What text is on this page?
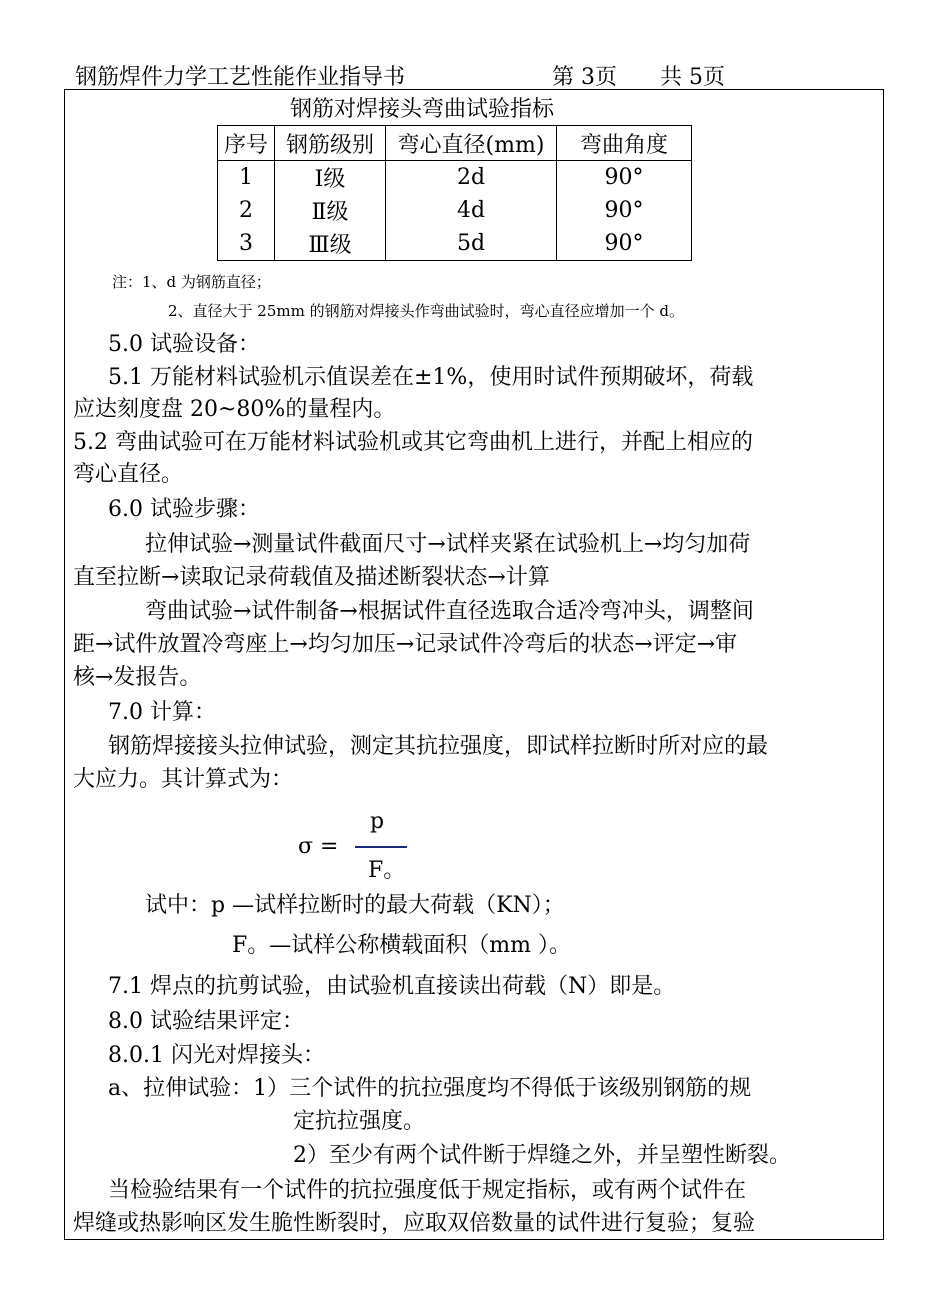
钢筋焊件力学工艺性能作业指导书	第 3页 共 5页
钢筋对焊接头弯曲试验指标
序号	钢筋级别	弯心直径(mm)	弯曲角度
1	Ⅰ级	2d	90°
2	Ⅱ级	4d	90°
3	Ⅲ级	5d	90°
注：1、d 为钢筋直径；
2、直径大于 25mm 的钢筋对焊接头作弯曲试验时，弯心直径应增加一个 d。
5.0 试验设备：
5.1 万能材料试验机示值误差在±1%，使用时试件预期破坏，荷载
应达刻度盘 20~80%的量程内。
5.2 弯曲试验可在万能材料试验机或其它弯曲机上进行，并配上相应的
弯心直径。
6.0 试验步骤：
拉伸试验→测量试件截面尺寸→试样夹紧在试验机上→均匀加荷
直至拉断→读取记录荷载值及描述断裂状态→计算
弯曲试验→试件制备→根据试件直径选取合适冷弯冲头，调整间
距→试件放置冷弯座上→均匀加压→记录试件冷弯后的状态→评定→审
核→发报告。
7.0 计算：
钢筋焊接接头拉伸试验，测定其抗拉强度，即试样拉断时所对应的最
大应力。其计算式为：
p
σ =
F。
试中：p —试样拉断时的最大荷载（KN）；
F。—试样公称横载面积（mm ）。
7.1 焊点的抗剪试验，由试验机直接读出荷载（N）即是。
8.0 试验结果评定：
8.0.1 闪光对焊接头：
a、拉伸试验：1）三个试件的抗拉强度均不得低于该级别钢筋的规
定抗拉强度。
2）至少有两个试件断于焊缝之外，并呈塑性断裂。
当检验结果有一个试件的抗拉强度低于规定指标，或有两个试件在
焊缝或热影响区发生脆性断裂时，应取双倍数量的试件进行复验；复验
